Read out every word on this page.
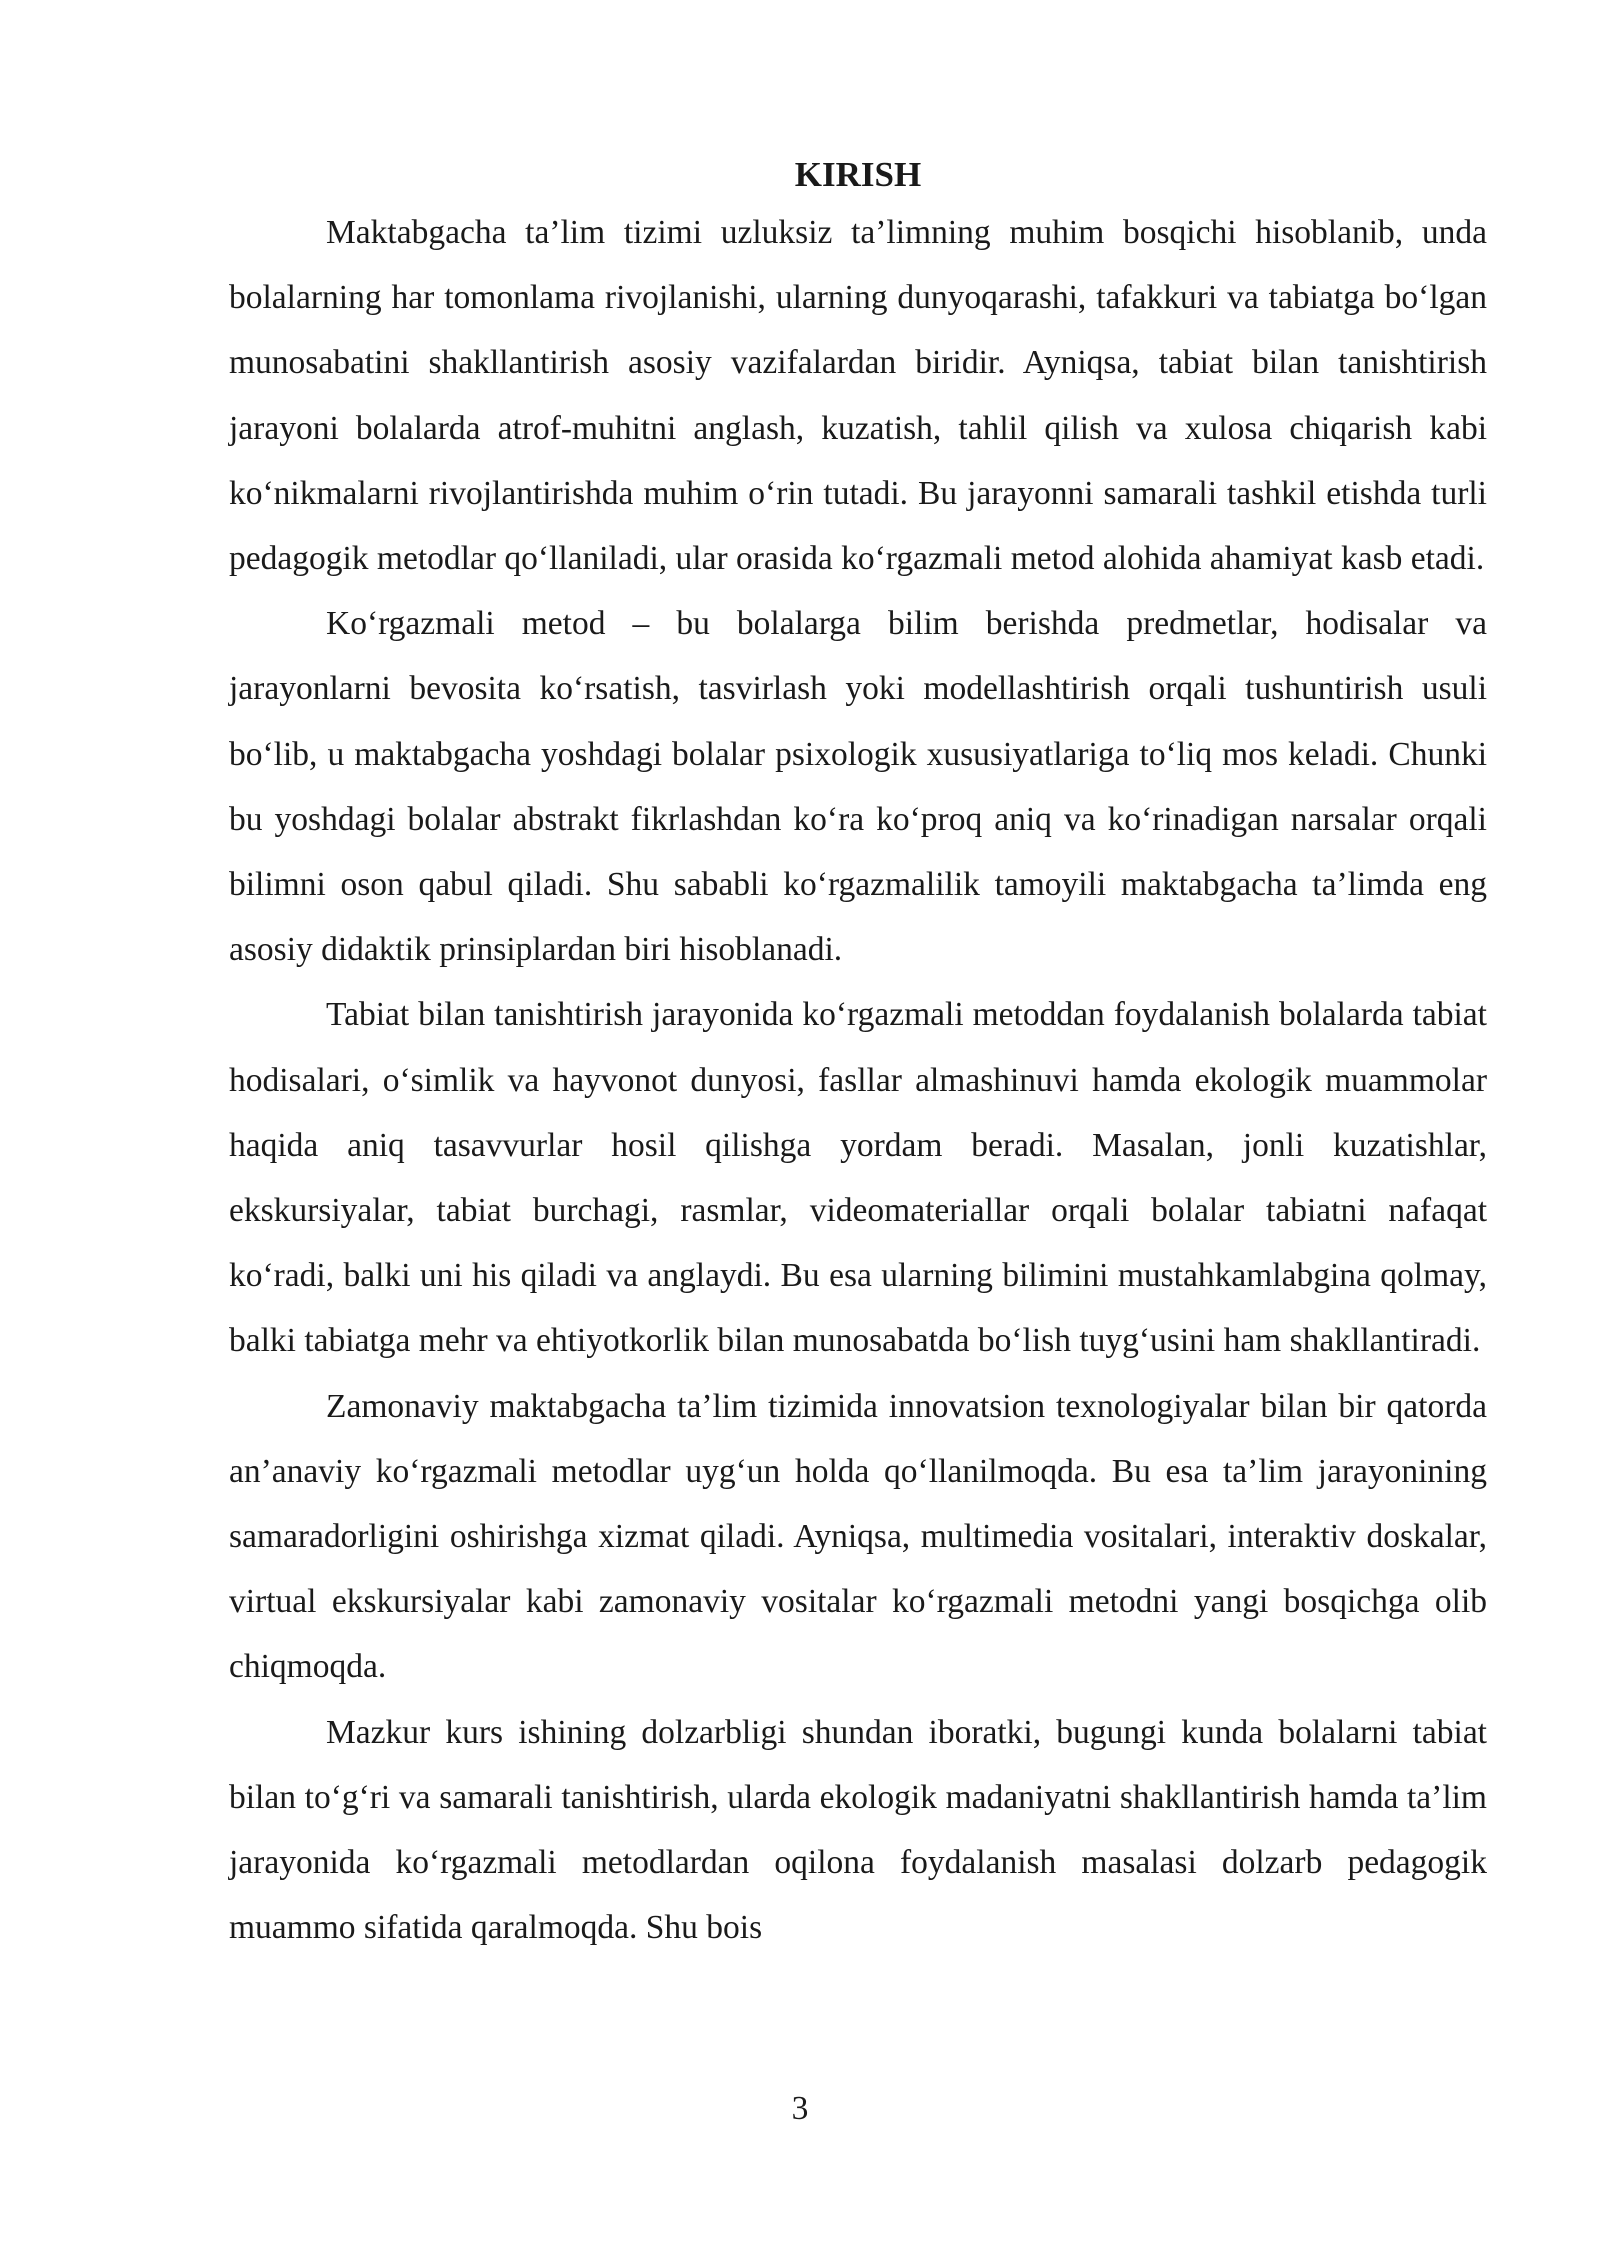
KIRISH

Maktabgacha ta’lim tizimi uzluksiz ta’limning muhim bosqichi hisoblanib, unda bolalarning har tomonlama rivojlanishi, ularning dunyoqarashi, tafakkuri va tabiatga bo‘lgan munosabatini shakllantirish asosiy vazifalardan biridir. Ayniqsa, tabiat bilan tanishtirish jarayoni bolalarda atrof-muhitni anglash, kuzatish, tahlil qilish va xulosa chiqarish kabi ko‘nikmalarni rivojlantirishda muhim o‘rin tutadi. Bu jarayonni samarali tashkil etishda turli pedagogik metodlar qo‘llaniladi, ular orasida ko‘rgazmali metod alohida ahamiyat kasb etadi.

Ko‘rgazmali metod – bu bolalarga bilim berishda predmetlar, hodisalar va jarayonlarni bevosita ko‘rsatish, tasvirlash yoki modellashtirish orqali tushuntirish usuli bo‘lib, u maktabgacha yoshdagi bolalar psixologik xususiyatlariga to‘liq mos keladi. Chunki bu yoshdagi bolalar abstrakt fikrlashdan ko‘ra ko‘proq aniq va ko‘rinadigan narsalar orqali bilimni oson qabul qiladi. Shu sababli ko‘rgazmalilik tamoyili maktabgacha ta’limda eng asosiy didaktik prinsiplardan biri hisoblanadi.

Tabiat bilan tanishtirish jarayonida ko‘rgazmali metoddan foydalanish bolalarda tabiat hodisalari, o‘simlik va hayvonot dunyosi, fasllar almashinuvi hamda ekologik muammolar haqida aniq tasavvurlar hosil qilishga yordam beradi. Masalan, jonli kuzatishlar, ekskursiyalar, tabiat burchagi, rasmlar, videomateriallar orqali bolalar tabiatni nafaqat ko‘radi, balki uni his qiladi va anglaydi. Bu esa ularning bilimini mustahkamlabgina qolmay, balki tabiatga mehr va ehtiyotkorlik bilan munosabatda bo‘lish tuyg‘usini ham shakllantiradi.

Zamonaviy maktabgacha ta’lim tizimida innovatsion texnologiyalar bilan bir qatorda an’anaviy ko‘rgazmali metodlar uyg‘un holda qo‘llanilmoqda. Bu esa ta’lim jarayonining samaradorligini oshirishga xizmat qiladi. Ayniqsa, multimedia vositalari, interaktiv doskalar, virtual ekskursiyalar kabi zamonaviy vositalar ko‘rgazmali metodni yangi bosqichga olib chiqmoqda.

Mazkur kurs ishining dolzarbligi shundan iboratki, bugungi kunda bolalarni tabiat bilan to‘g‘ri va samarali tanishtirish, ularda ekologik madaniyatni shakllantirish hamda ta’lim jarayonida ko‘rgazmali metodlardan oqilona foydalanish masalasi dolzarb pedagogik muammo sifatida qaralmoqda. Shu bois

3
